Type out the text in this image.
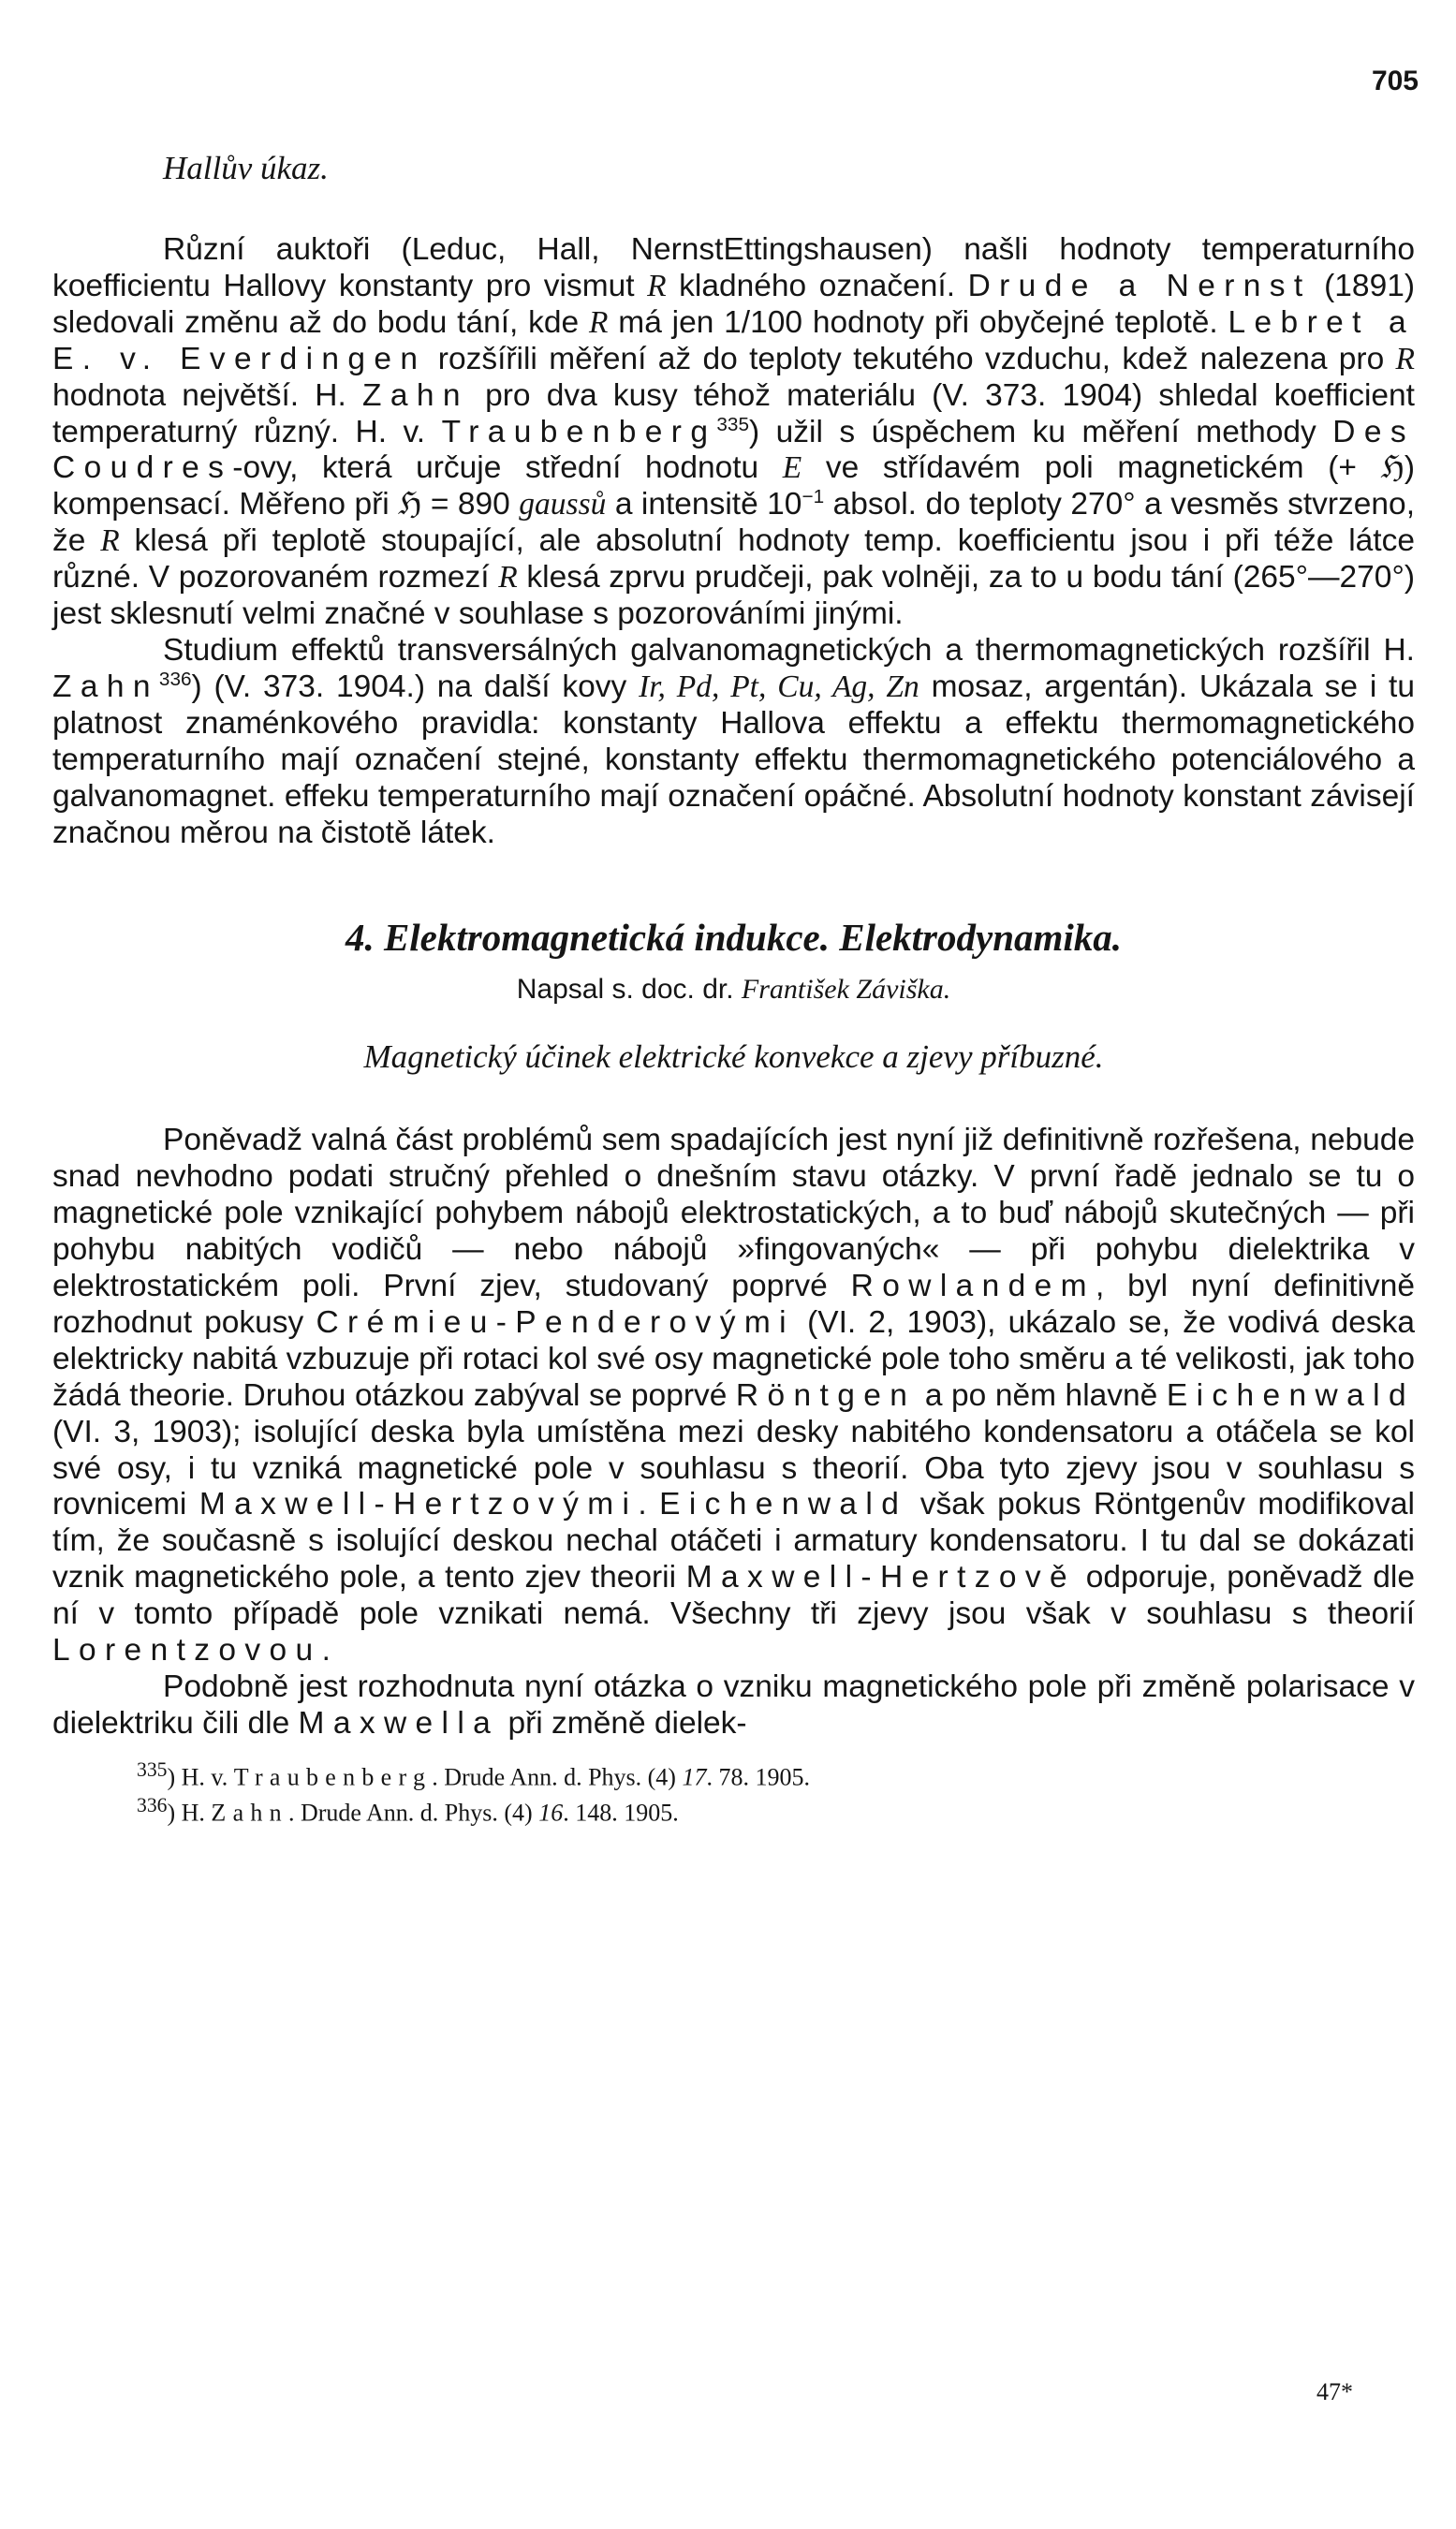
705
Hallův úkaz.

Různí auktoři (Leduc, Hall, NernstEttingshausen) našli hodnoty temperaturního koefficientu Hallovy konstanty pro vismut R kladného označení. Drude a Nernst (1891) sledovali změnu až do bodu tání, kde R má jen 1/100 hodnoty při obyčejné teplotě. Lebret a E. v. Everdingen rozšířili měření až do teploty tekutého vzduchu, kdež nalezena pro R hodnota největší. H. Zahn pro dva kusy téhož materiálu (V. 373. 1904) shledal koefficient temperaturný různý. H. v. Traubenberg$^{335}$) užil s úspěchem ku měření methody Des Coudres-ovy, která určuje střední hodnotu E ve střídavém poli magnetickém (+ ℌ) kompensací. Měřeno při ℌ = 890 gaussů a intensitě $10^{-1}$ absol. do teploty 270° a vesměs stvrzeno, že R klesá při teplotě stoupající, ale absolutní hodnoty temp. koefficientu jsou i při téže látce různé. V pozorovaném rozmezí R klesá zprvu prudčeji, pak volněji, za to u bodu tání (265°—270°) jest sklesnutí velmi značné v souhlase s pozorováními jinými.

Studium effektů transversálných galvanomagnetických a thermomagnetických rozšířil H. Zahn$^{336}$) (V. 373. 1904.) na další kovy Ir, Pd, Pt, Cu, Ag, Zn mosaz, argentán). Ukázala se i tu platnost znaménkového pravidla: konstanty Hallova effektu a effektu thermomagnetického temperaturního mají označení stejné, konstanty effektu thermomagnetického potenciálového a galvanomagnet. effeku temperaturního mají označení opáčné. Absolutní hodnoty konstant závisejí značnou měrou na čistotě látek.

4. Elektromagnetická indukce. Elektrodynamika.
Napsal s. doc. dr. František Záviška.
Magnetický účinek elektrické konvekce a zjevy příbuzné.

Poněvadž valná část problémů sem spadajících jest nyní již definitivně rozřešena, nebude snad nevhodno podati stručný přehled o dnešním stavu otázky. V první řadě jednalo se tu o magnetické pole vznikající pohybem nábojů elektrostatických, a to buď nábojů skutečných — při pohybu nabitých vodičů — nebo nábojů »fingovaných« — při pohybu dielektrika v elektrostatickém poli. První zjev, studovaný poprvé Rowlandem, byl nyní definitivně rozhodnut pokusy Crémieu-Penderovými (VI. 2, 1903), ukázalo se, že vodivá deska elektricky nabitá vzbuzuje při rotaci kol své osy magnetické pole toho směru a té velikosti, jak toho žádá theorie. Druhou otázkou zabýval se poprvé Röntgen a po něm hlavně Eichenwald (VI. 3, 1903); isolující deska byla umístěna mezi desky nabitého kondensatoru a otáčela se kol své osy, i tu vzniká magnetické pole v souhlasu s theorií. Oba tyto zjevy jsou v souhlasu s rovnicemi Maxwell-Hertzovými. Eichenwald však pokus Röntgenův modifikoval tím, že současně s isolující deskou nechal otáčeti i armatury kondensatoru. I tu dal se dokázati vznik magnetického pole, a tento zjev theorii Maxwell-Hertzově odporuje, poněvadž dle ní v tomto případě pole vznikati nemá. Všechny tři zjevy jsou však v souhlasu s theorií Lorentzovou.

Podobně jest rozhodnuta nyní otázka o vzniku magnetického pole při změně polarisace v dielektriku čili dle Maxwella při změně dielek-

$^{335}$) H. v. Traubenberg. Drude Ann. d. Phys. (4) 17. 78. 1905.
$^{336}$) H. Zahn. Drude Ann. d. Phys. (4) 16. 148. 1905.
47*
